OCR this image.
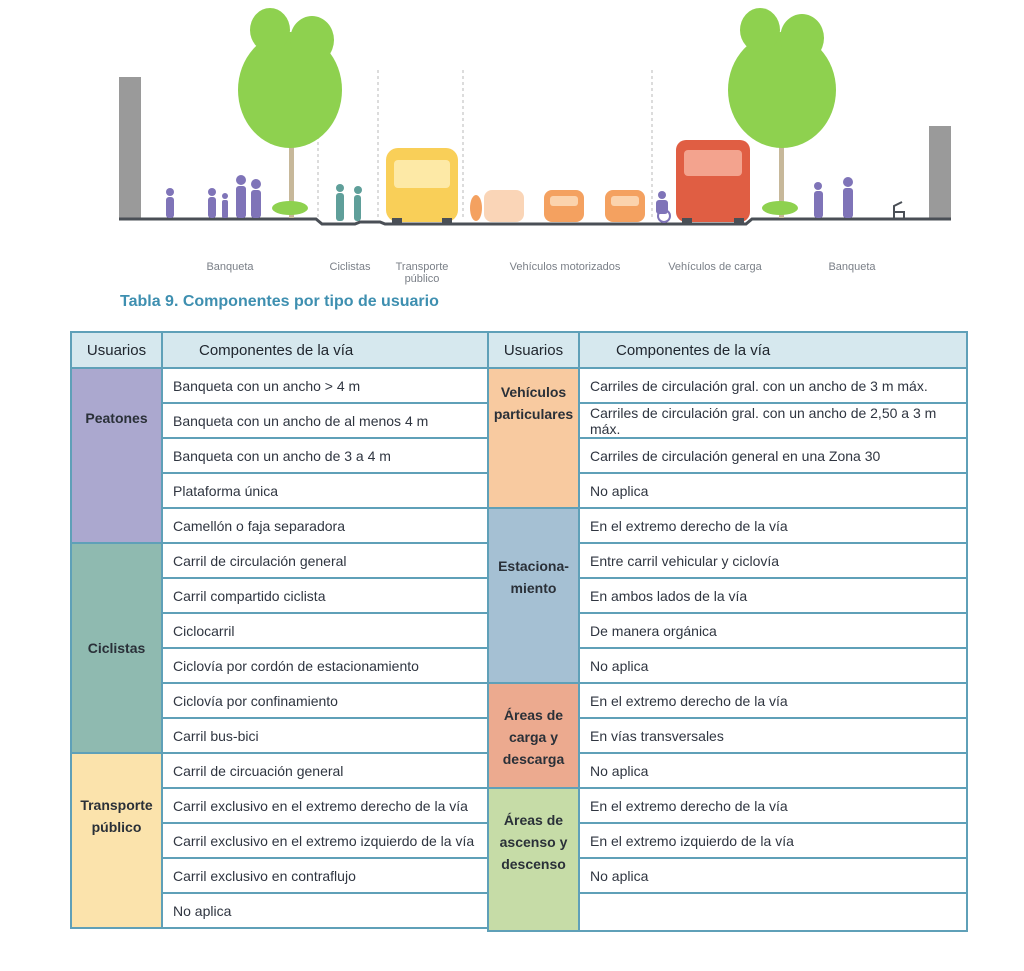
Banqueta	Ciclistas	Transporte
público
Vehículos motorizados	Vehículos de carga	Banqueta
Tabla 9. Componentes por tipo de usuario
Usuarios	Componentes de la vía
Peatones	Banqueta con un ancho > 4 m
	Banqueta con un ancho de al menos 4 m
	Banqueta con un ancho de 3 a 4 m
	Plataforma única
	Camellón o faja separadora
Ciclistas	Carril de circulación general
	Carril compartido ciclista
	Ciclocarril
	Ciclovía por cordón de estacionamiento
	Ciclovía por confinamiento
	Carril bus-bici
Transporte público	Carril de circuación general
	Carril exclusivo en el extremo derecho de la vía
	Carril exclusivo en el extremo izquierdo de la vía
	Carril exclusivo en contraflujo
	No aplica
Usuarios	Componentes de la vía
Vehículos particulares	Carriles de circulación gral. con un ancho de 3 m máx.
	Carriles de circulación gral. con un ancho de 2,50 a 3 m máx.
	Carriles de circulación general en una Zona 30
	No aplica
Estaciona-miento	En el extremo derecho de la vía
	Entre carril vehicular y ciclovía
	En ambos lados de la vía
	De manera orgánica
	No aplica
Áreas de carga y descarga	En el extremo derecho de la vía
	En vías transversales
	No aplica
Áreas de ascenso y descenso	En el extremo derecho de la vía
	En el extremo izquierdo de la vía
	No aplica
